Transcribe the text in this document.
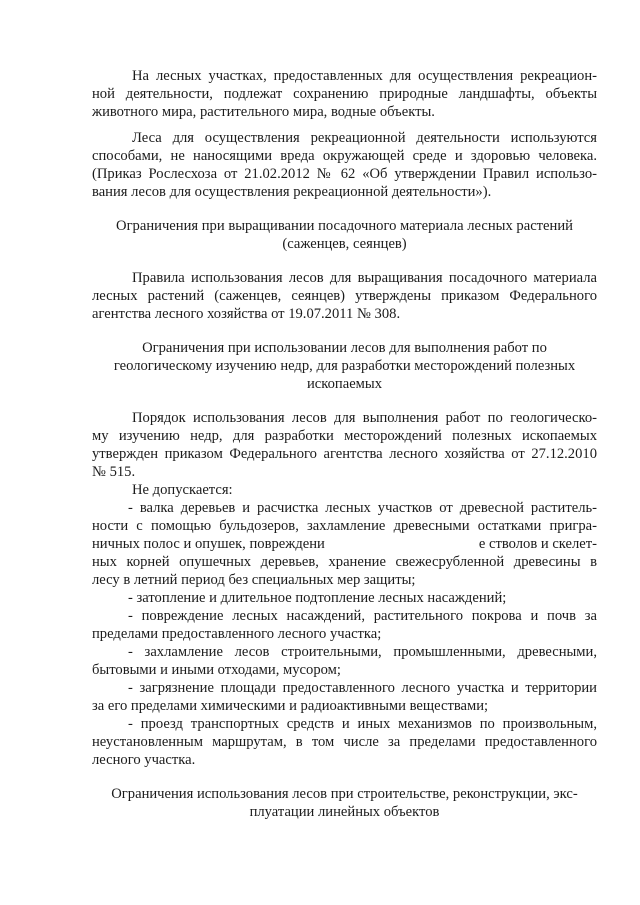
На лесных участках, предоставленных для осуществления рекреацион-
ной деятельности, подлежат сохранению природные ландшафты, объекты
животного мира, растительного мира, водные объекты.
Леса для осуществления рекреационной деятельности используются
способами, не наносящими вреда окружающей среде и здоровью человека.
(Приказ Рослесхоза от 21.02.2012 № 62 «Об утверждении Правил использо-
вания лесов для осуществления рекреационной деятельности»).
Ограничения при выращивании посадочного материала лесных растений
(саженцев, сеянцев)
Правила использования лесов для выращивания посадочного материала
лесных растений (саженцев, сеянцев) утверждены приказом Федерального
агентства лесного хозяйства от 19.07.2011 № 308.
Ограничения при использовании лесов для выполнения работ по
геологическому изучению недр, для разработки месторождений полезных
ископаемых
Порядок использования лесов для выполнения работ по геологическо-
му изучению недр, для разработки месторождений полезных ископаемых
утвержден приказом Федерального агентства лесного хозяйства от 27.12.2010
№ 515.
Не допускается:
- валка деревьев и расчистка лесных участков от древесной раститель-
ности с помощью бульдозеров, захламление древесными остатками пригра-
ничных полос и опушек, повреждени	е стволов и скелет-
ных корней опушечных деревьев, хранение свежесрубленной древесины в
лесу в летний период без специальных мер защиты;
- затопление и длительное подтопление лесных насаждений;
- повреждение лесных насаждений, растительного покрова и почв за
пределами предоставленного лесного участка;
- захламление лесов строительными, промышленными, древесными,
бытовыми и иными отходами, мусором;
- загрязнение площади предоставленного лесного участка и территории
за его пределами химическими и радиоактивными веществами;
- проезд транспортных средств и иных механизмов по произвольным,
неустановленным маршрутам, в том числе за пределами предоставленного
лесного участка.
Ограничения использования лесов при строительстве, реконструкции, экс-
плуатации линейных объектов
